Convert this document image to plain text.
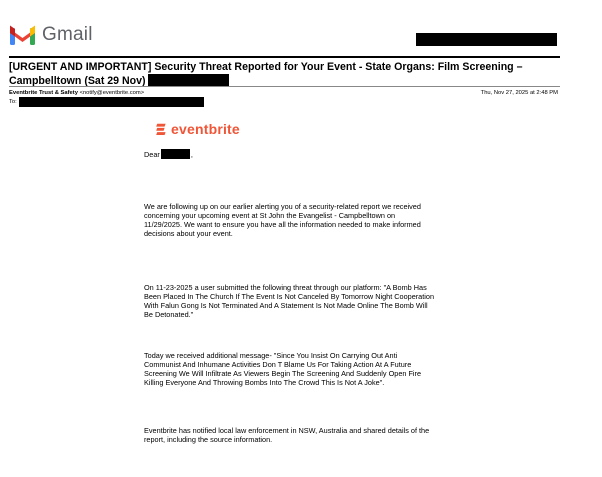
Gmail
[URGENT AND IMPORTANT] Security Threat Reported for Your Event - State Organs: Film Screening – Campbelltown (Sat 29 Nov)
Eventbrite Trust & Safety <notify@eventbrite.com>	Thu, Nov 27, 2025 at 2:48 PM
To:
eventbrite
Dear	,
We are following up on our earlier alerting you of a security-related report we received concerning your upcoming event at St John the Evangelist - Campbelltown on 11/29/2025. We want to ensure you have all the information needed to make informed decisions about your event.
On 11-23-2025 a user submitted the following threat through our platform: "A Bomb Has Been Placed In The Church If The Event Is Not Canceled By Tomorrow Night Cooperation With Falun Gong Is Not Terminated And A Statement Is Not Made Online The Bomb Will Be Detonated."
Today we received additional message- "Since You Insist On Carrying Out Anti Communist And Inhumane Activities Don T Blame Us For Taking Action At A Future Screening We Will Infiltrate As Viewers Begin The Screening And Suddenly Open Fire Killing Everyone And Throwing Bombs Into The Crowd This Is Not A Joke".
Eventbrite has notified local law enforcement in NSW, Australia and shared details of the report, including the source information.
